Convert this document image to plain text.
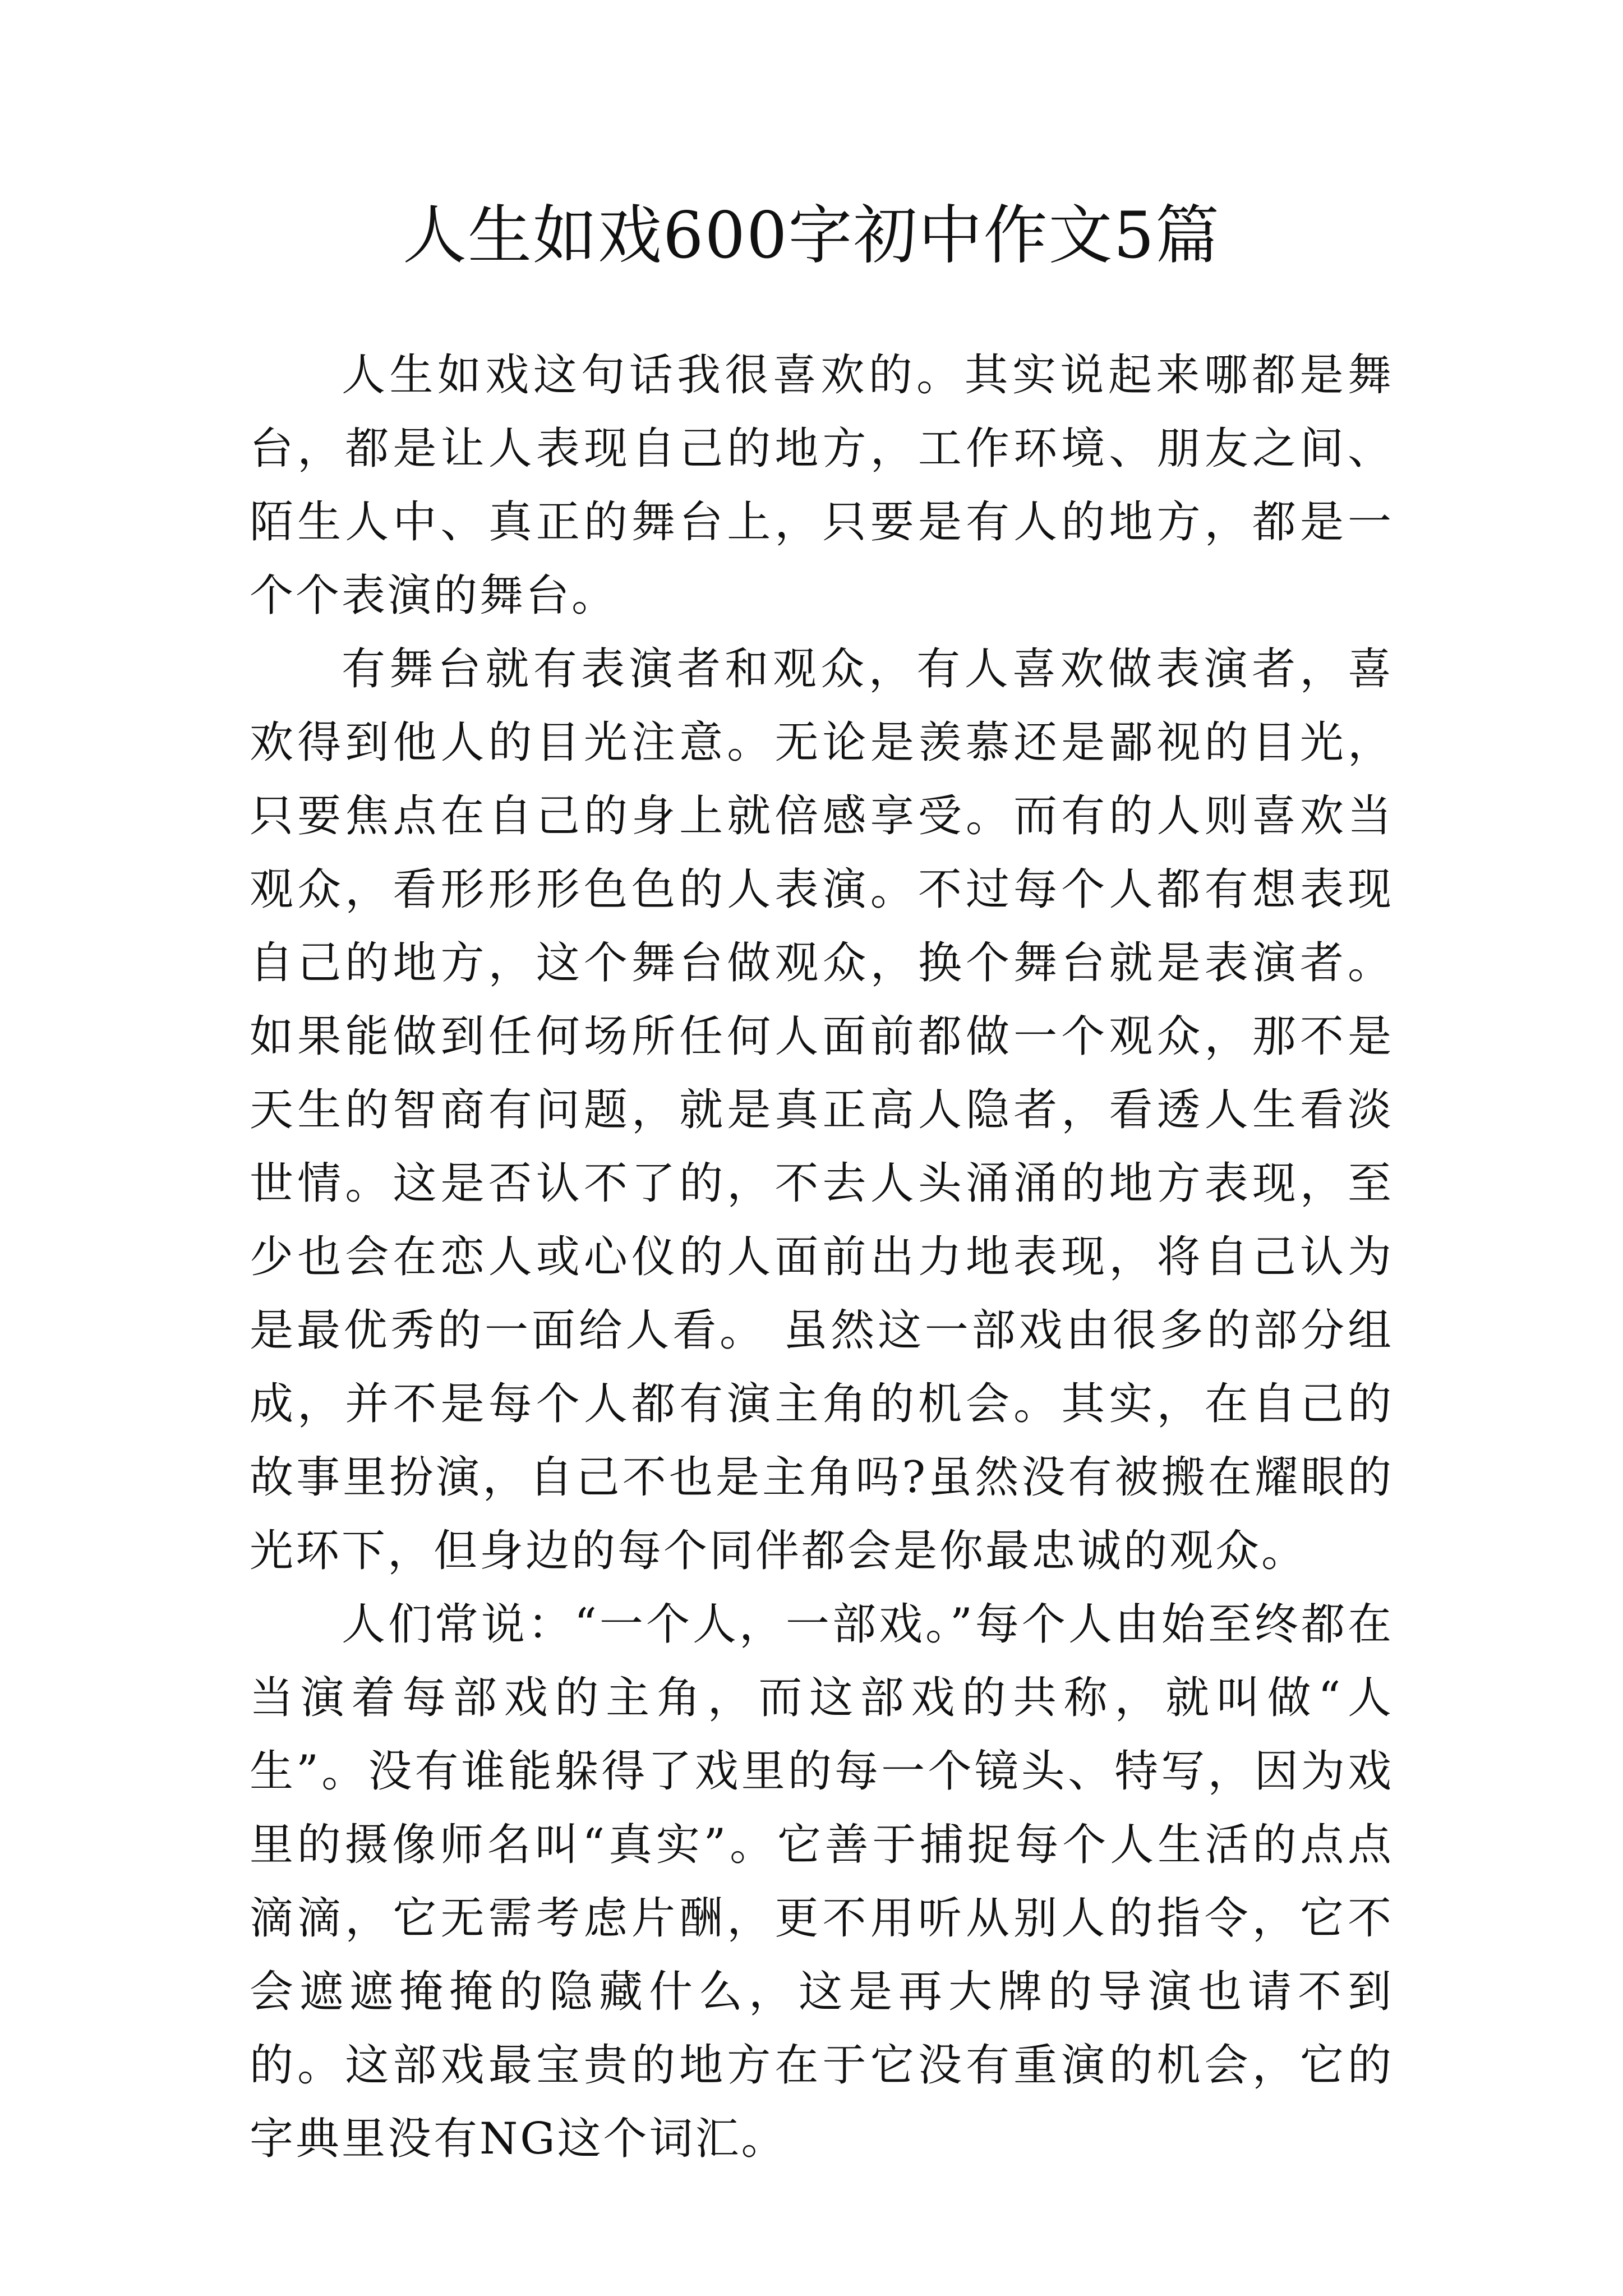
人生如戏600字初中作文5篇

人生如戏这句话我很喜欢的。其实说起来哪都是舞台，都是让人表现自己的地方，工作环境、朋友之间、陌生人中、真正的舞台上，只要是有人的地方，都是一个个表演的舞台。

有舞台就有表演者和观众，有人喜欢做表演者，喜欢得到他人的目光注意。无论是羡慕还是鄙视的目光，只要焦点在自己的身上就倍感享受。而有的人则喜欢当观众，看形形形色色的人表演。不过每个人都有想表现自己的地方，这个舞台做观众，换个舞台就是表演者。如果能做到任何场所任何人面前都做一个观众，那不是天生的智商有问题，就是真正高人隐者，看透人生看淡世情。这是否认不了的，不去人头涌涌的地方表现，至少也会在恋人或心仪的人面前出力地表现，将自己认为是最优秀的一面给人看。 虽然这一部戏由很多的部分组成，并不是每个人都有演主角的机会。其实，在自己的故事里扮演，自己不也是主角吗?虽然没有被搬在耀眼的光环下，但身边的每个同伴都会是你最忠诚的观众。

人们常说：“一个人，一部戏。”每个人由始至终都在当演着每部戏的主角，而这部戏的共称，就叫做“人生”。没有谁能躲得了戏里的每一个镜头、特写，因为戏里的摄像师名叫“真实”。它善于捕捉每个人生活的点点滴滴，它无需考虑片酬，更不用听从别人的指令，它不会遮遮掩掩的隐藏什么，这是再大牌的导演也请不到的。这部戏最宝贵的地方在于它没有重演的机会，它的字典里没有NG这个词汇。
